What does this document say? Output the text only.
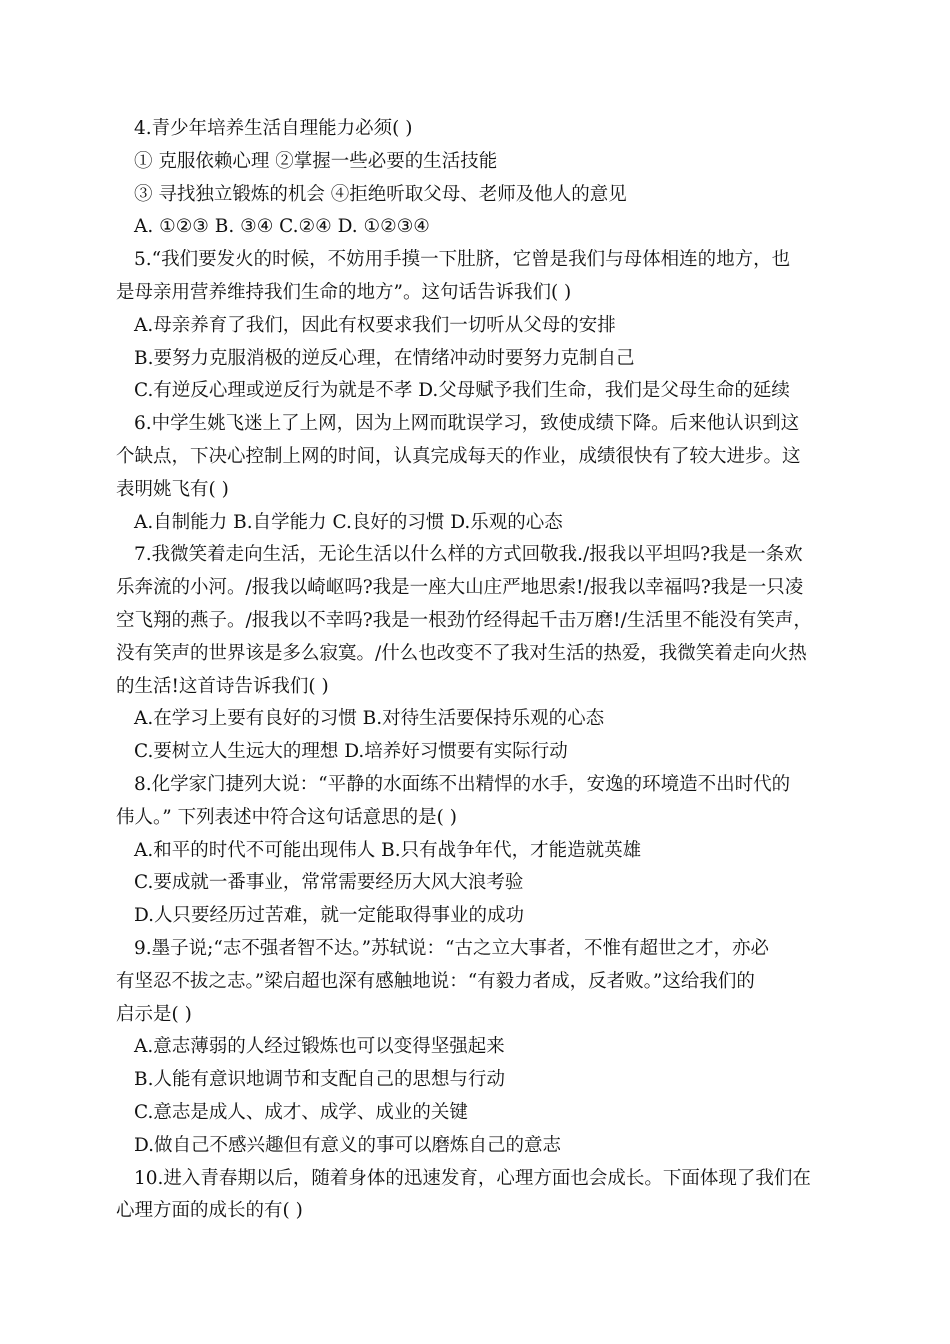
4.青少年培养生活自理能力必须( )
① 克服依赖心理 ②掌握一些必要的生活技能
③ 寻找独立锻炼的机会 ④拒绝听取父母、老师及他人的意见
A. ①②③ B. ③④ C.②④ D. ①②③④
5.“我们要发火的时候，不妨用手摸一下肚脐，它曾是我们与母体相连的地方，也
是母亲用营养维持我们生命的地方”。这句话告诉我们( )
A.母亲养育了我们，因此有权要求我们一切听从父母的安排
B.要努力克服消极的逆反心理，在情绪冲动时要努力克制自己
C.有逆反心理或逆反行为就是不孝 D.父母赋予我们生命，我们是父母生命的延续
6.中学生姚飞迷上了上网，因为上网而耽误学习，致使成绩下降。后来他认识到这
个缺点，下决心控制上网的时间，认真完成每天的作业，成绩很快有了较大进步。这
表明姚飞有( )
A.自制能力 B.自学能力 C.良好的习惯 D.乐观的心态
7.我微笑着走向生活，无论生活以什么样的方式回敬我./报我以平坦吗?我是一条欢
乐奔流的小河。/报我以崎岖吗?我是一座大山庄严地思索!/报我以幸福吗?我是一只凌
空飞翔的燕子。/报我以不幸吗?我是一根劲竹经得起千击万磨!/生活里不能没有笑声，
没有笑声的世界该是多么寂寞。/什么也改变不了我对生活的热爱，我微笑着走向火热
的生活!这首诗告诉我们( )
A.在学习上要有良好的习惯 B.对待生活要保持乐观的心态
C.要树立人生远大的理想 D.培养好习惯要有实际行动
8.化学家门捷列大说：“平静的水面练不出精悍的水手，安逸的环境造不出时代的
伟人。” 下列表述中符合这句话意思的是( )
A.和平的时代不可能出现伟人 B.只有战争年代，才能造就英雄
C.要成就一番事业，常常需要经历大风大浪考验
D.人只要经历过苦难，就一定能取得事业的成功
9.墨子说;“志不强者智不达。”苏轼说：“古之立大事者，不惟有超世之才，亦必
有坚忍不拔之志。”梁启超也深有感触地说：“有毅力者成，反者败。”这给我们的
启示是( )
A.意志薄弱的人经过锻炼也可以变得坚强起来
B.人能有意识地调节和支配自己的思想与行动
C.意志是成人、成才、成学、成业的关键
D.做自己不感兴趣但有意义的事可以磨炼自己的意志
10.进入青春期以后，随着身体的迅速发育，心理方面也会成长。下面体现了我们在
心理方面的成长的有( )
